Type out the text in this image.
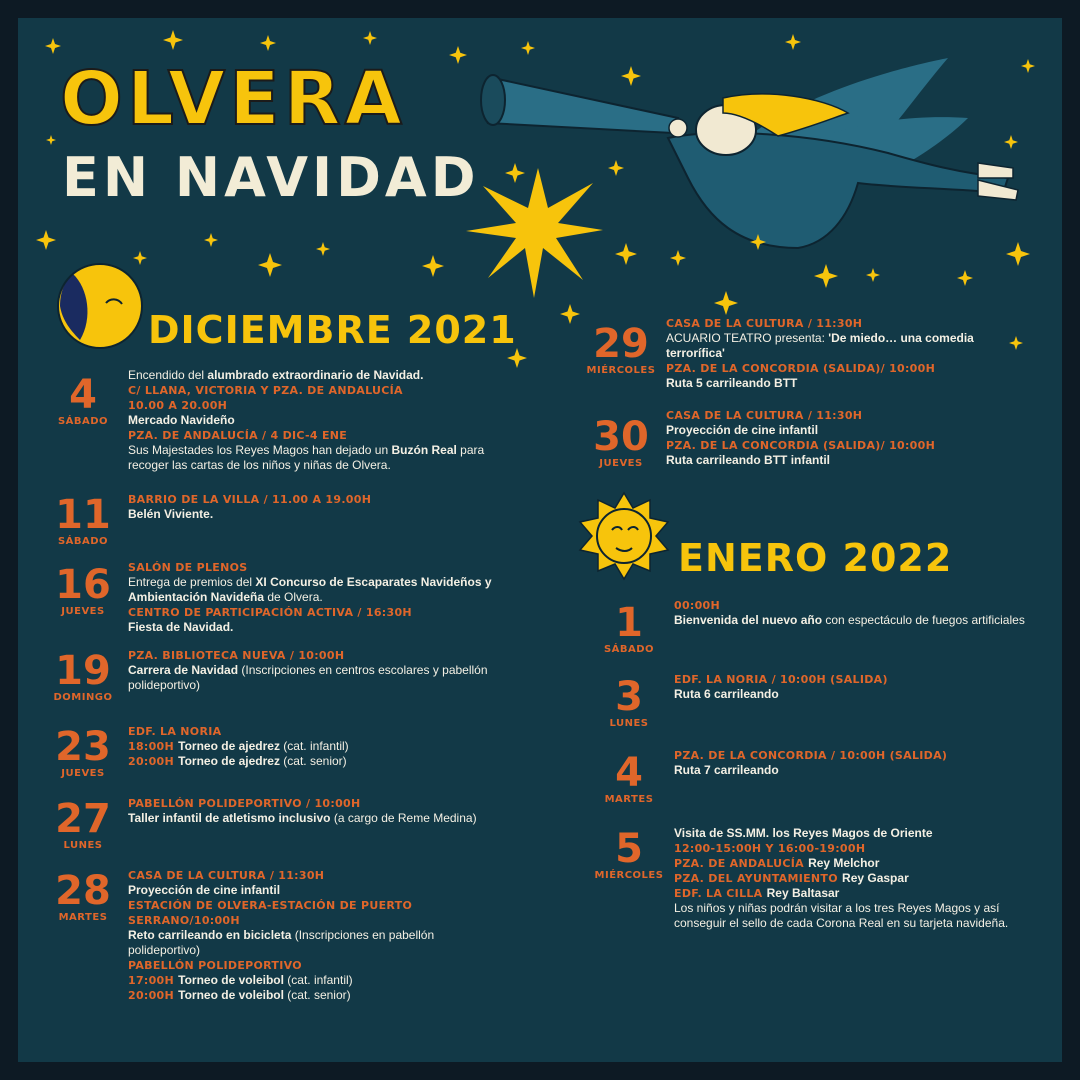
OLVERA
EN NAVIDAD
DICIEMBRE 2021
ENERO 2022
4
SÁBADO
Encendido del alumbrado extraordinario de Navidad.
C/ LLANA, VICTORIA Y PZA. DE ANDALUCÍA
10.00 A 20.00H
Mercado Navideño
PZA. DE ANDALUCÍA / 4 DIC-4 ENE
Sus Majestades los Reyes Magos han dejado un Buzón Real para
recoger las cartas de los niños y niñas de Olvera.
11
SÁBADO
BARRIO DE LA VILLA / 11.00 A 19.00H
Belén Viviente.
16
JUEVES
SALÓN DE PLENOS
Entrega de premios del XI Concurso de Escaparates Navideños y
Ambientación Navideña de Olvera.
CENTRO DE PARTICIPACIÓN ACTIVA / 16:30H
Fiesta de Navidad.
19
DOMINGO
PZA. BIBLIOTECA NUEVA / 10:00H
Carrera de Navidad (Inscripciones en centros escolares y pabellón
polideportivo)
23
JUEVES
EDF. LA NORIA
18:00H Torneo de ajedrez (cat. infantil)
20:00H Torneo de ajedrez (cat. senior)
27
LUNES
PABELLÓN POLIDEPORTIVO / 10:00H
Taller infantil de atletismo inclusivo (a cargo de Reme Medina)
28
MARTES
CASA DE LA CULTURA / 11:30H
Proyección de cine infantil
ESTACIÓN DE OLVERA-ESTACIÓN DE PUERTO
SERRANO/10:00H
Reto carrileando en bicicleta (Inscripciones en pabellón
polideportivo)
PABELLÓN POLIDEPORTIVO
17:00H Torneo de voleibol (cat. infantil)
20:00H Torneo de voleibol (cat. senior)
29
MIÉRCOLES
CASA DE LA CULTURA / 11:30H
ACUARIO TEATRO presenta: 'De miedo… una comedia
terrorífica'
PZA. DE LA CONCORDIA (SALIDA)/ 10:00H
Ruta 5 carrileando BTT
30
JUEVES
CASA DE LA CULTURA / 11:30H
Proyección de cine infantil
PZA. DE LA CONCORDIA (SALIDA)/ 10:00H
Ruta carrileando BTT infantil
1
SÁBADO
00:00H
Bienvenida del nuevo año con espectáculo de fuegos artificiales
3
LUNES
EDF. LA NORIA / 10:00H (SALIDA)
Ruta 6 carrileando
4
MARTES
PZA. DE LA CONCORDIA / 10:00H (SALIDA)
Ruta 7 carrileando
5
MIÉRCOLES
Visita de SS.MM. los Reyes Magos de Oriente
12:00-15:00H Y 16:00-19:00H
PZA. DE ANDALUCÍA Rey Melchor
PZA. DEL AYUNTAMIENTO Rey Gaspar
EDF. LA CILLA Rey Baltasar
Los niños y niñas podrán visitar a los tres Reyes Magos y así
conseguir el sello de cada Corona Real en su tarjeta navideña.
